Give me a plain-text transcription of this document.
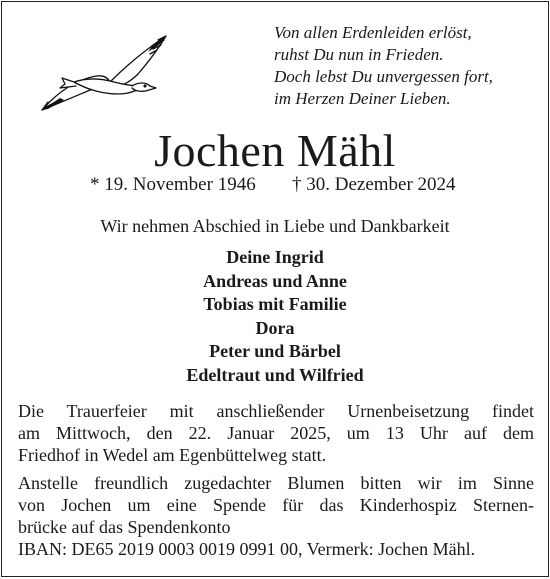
Von allen Erdenleiden erlöst,
ruhst Du nun in Frieden.
Doch lebst Du unvergessen fort,
im Herzen Deiner Lieben.
Jochen Mähl
* 19. November 1946 † 30. Dezember 2024
Wir nehmen Abschied in Liebe und Dankbarkeit
Deine Ingrid
Andreas und Anne
Tobias mit Familie
Dora
Peter und Bärbel
Edeltraut und Wilfried
Die Trauerfeier mit anschließender Urnenbeisetzung findet
am Mittwoch, den 22. Januar 2025, um 13 Uhr auf dem
Friedhof in Wedel am Egenbüttelweg statt.
Anstelle freundlich zugedachter Blumen bitten wir im Sinne
von Jochen um eine Spende für das Kinderhospiz Sternen-
brücke auf das Spendenkonto
IBAN: DE65 2019 0003 0019 0991 00, Vermerk: Jochen Mähl.
